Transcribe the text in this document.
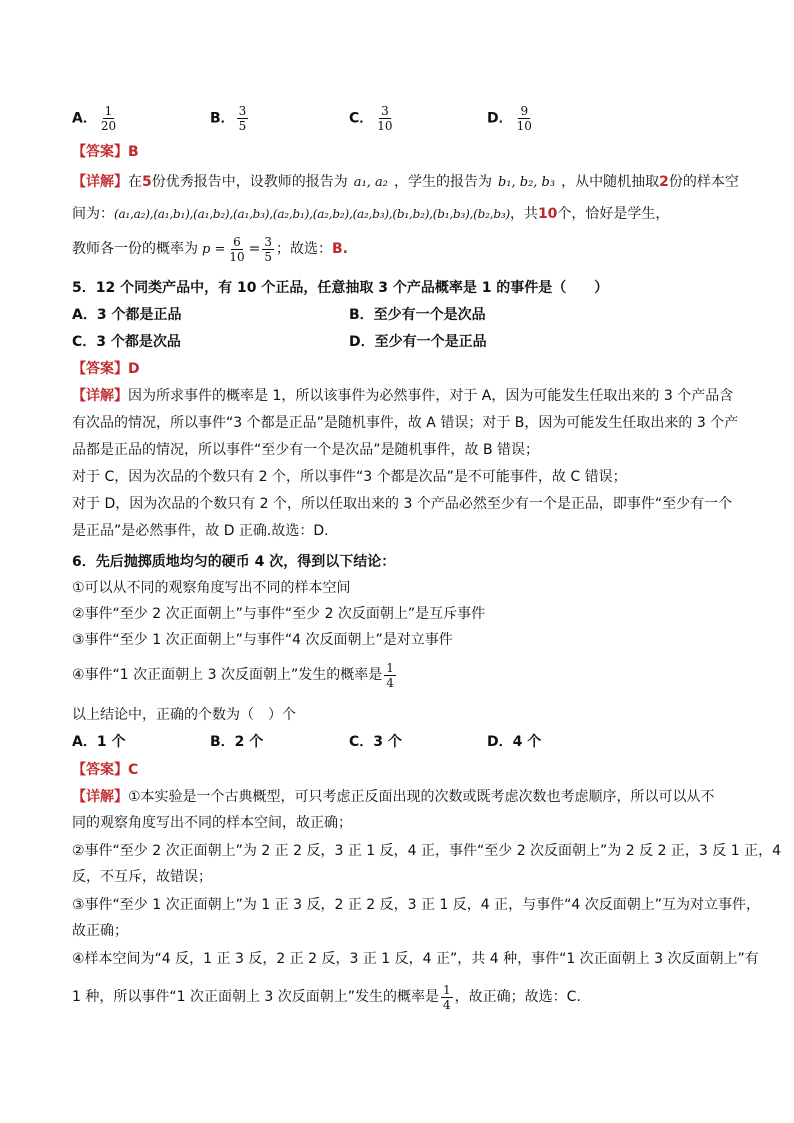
A． $\frac{1}{20}$	B． $\frac{3}{5}$	C． $\frac{3}{10}$	D． $\frac{9}{10}$
【答案】B
【详解】在5份优秀报告中，设教师的报告为 a₁, a₂ ，学生的报告为 b₁, b₂, b₃ ，从中随机抽取2份的样本空
间为：(a₁,a₂),(a₁,b₁),(a₁,b₂),(a₁,b₃),(a₂,b₁),(a₂,b₂),(a₂,b₃),(b₁,b₂),(b₁,b₃),(b₂,b₃)，共10个，恰好是学生，
教师各一份的概率为 $p = \frac{6}{10} = \frac{3}{5}$ ；故选：B.
5．12 个同类产品中，有 10 个正品，任意抽取 3 个产品概率是 1 的事件是（　　）
A．3 个都是正品	B．至少有一个是次品
C．3 个都是次品	D．至少有一个是正品
【答案】D
【详解】因为所求事件的概率是 1，所以该事件为必然事件，对于 A，因为可能发生任取出来的 3 个产品含
有次品的情况，所以事件“3 个都是正品”是随机事件，故 A 错误；对于 B，因为可能发生任取出来的 3 个产
品都是正品的情况，所以事件“至少有一个是次品”是随机事件，故 B 错误；
对于 C，因为次品的个数只有 2 个，所以事件“3 个都是次品”是不可能事件，故 C 错误；
对于 D，因为次品的个数只有 2 个，所以任取出来的 3 个产品必然至少有一个是正品，即事件“至少有一个
是正品”是必然事件，故 D 正确.故选：D.
6．先后抛掷质地均匀的硬币 4 次，得到以下结论：
①可以从不同的观察角度写出不同的样本空间
②事件“至少 2 次正面朝上”与事件“至少 2 次反面朝上”是互斥事件
③事件“至少 1 次正面朝上”与事件“4 次反面朝上”是对立事件
④事件“1 次正面朝上 3 次反面朝上”发生的概率是 $\frac{1}{4}$
以上结论中，正确的个数为（　）个
A．1 个	B．2 个	C．3 个	D．4 个
【答案】C
【详解】①本实验是一个古典概型，可只考虑正反面出现的次数或既考虑次数也考虑顺序，所以可以从不
同的观察角度写出不同的样本空间，故正确；
②事件“至少 2 次正面朝上”为 2 正 2 反，3 正 1 反，4 正，事件“至少 2 次反面朝上”为 2 反 2 正，3 反 1 正，4
反，不互斥，故错误；
③事件“至少 1 次正面朝上”为 1 正 3 反，2 正 2 反，3 正 1 反，4 正，与事件“4 次反面朝上”互为对立事件，
故正确；
④样本空间为“4 反，1 正 3 反，2 正 2 反，3 正 1 反，4 正”，共 4 种，事件“1 次正面朝上 3 次反面朝上”有
1 种，所以事件“1 次正面朝上 3 次反面朝上”发生的概率是 $\frac{1}{4}$ ，故正确；故选：C.
